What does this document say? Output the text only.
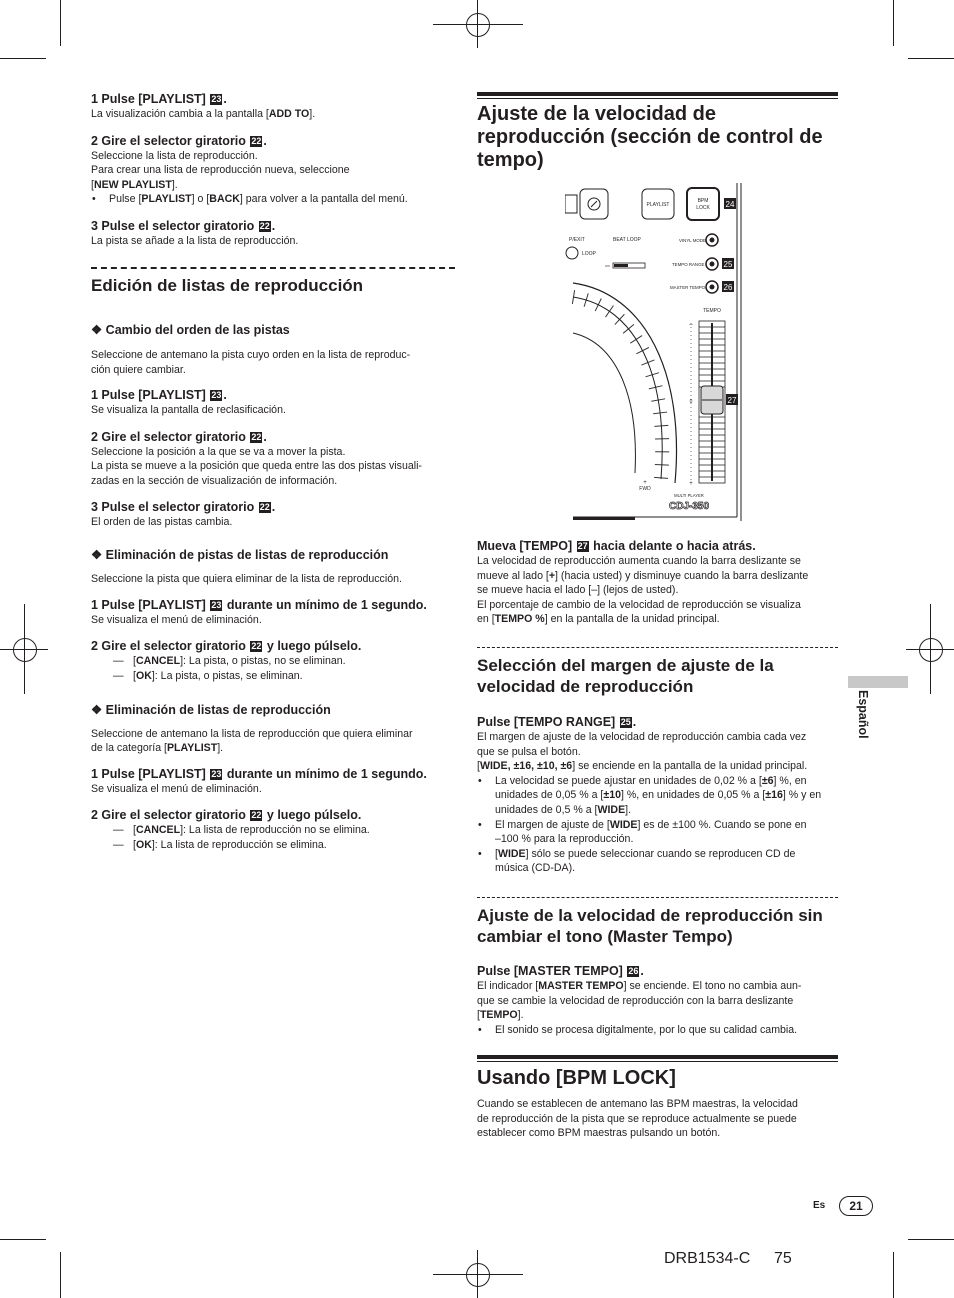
1 Pulse [PLAYLIST] 23 .

La visualización cambia a la pantalla [ADD TO].

2 Gire el selector giratorio 22 .

Seleccione la lista de reproducción.

Para crear una lista de reproducción nueva, seleccione

[NEW PLAYLIST].

• Pulse [PLAYLIST] o [BACK] para volver a la pantalla del menú.

3 Pulse el selector giratorio 22 .

La pista se añade a la lista de reproducción.

Edición de listas de reproducción

❖ Cambio del orden de las pistas

Seleccione de antemano la pista cuyo orden en la lista de reproduc-

ción quiere cambiar.

1 Pulse [PLAYLIST] 23 .

Se visualiza la pantalla de reclasificación.

2 Gire el selector giratorio 22 .

Seleccione la posición a la que se va a mover la pista.

La pista se mueve a la posición que queda entre las dos pistas visuali-

zadas en la sección de visualización de información.

3 Pulse el selector giratorio 22 .

El orden de las pistas cambia.

❖ Eliminación de pistas de listas de reproducción

Seleccione la pista que quiera eliminar de la lista de reproducción.

1 Pulse [PLAYLIST] 23 durante un mínimo de 1 segundo.

Se visualiza el menú de eliminación.

2 Gire el selector giratorio 22 y luego púlselo.

— [CANCEL]: La pista, o pistas, no se eliminan.

— [OK]: La pista, o pistas, se eliminan.

❖ Eliminación de listas de reproducción

Seleccione de antemano la lista de reproducción que quiera eliminar

de la categoría [PLAYLIST].

1 Pulse [PLAYLIST] 23 durante un mínimo de 1 segundo.

Se visualiza el menú de eliminación.

2 Gire el selector giratorio 22 y luego púlselo.

— [CANCEL]: La lista de reproducción no se elimina.

— [OK]: La lista de reproducción se elimina.

Ajuste de la velocidad de reproducción (sección de control de tempo)

PLAYLIST
BPM
LOCK 24
P/EXIT	BEAT LOOP
LOOP
VINYL MODE
TEMPO RANGE 25
MASTER TEMPO 26
FWD
+
TEMPO
–
0
+
27
MULTI PLAYER
CDJ-350

Mueva [TEMPO] 27 hacia delante o hacia atrás.

La velocidad de reproducción aumenta cuando la barra deslizante se

mueve al lado [+] (hacia usted) y disminuye cuando la barra deslizante

se mueve hacia el lado [–] (lejos de usted).

El porcentaje de cambio de la velocidad de reproducción se visualiza

en [TEMPO %] en la pantalla de la unidad principal.

Selección del margen de ajuste de la velocidad de reproducción

Pulse [TEMPO RANGE] 25 .

El margen de ajuste de la velocidad de reproducción cambia cada vez

que se pulsa el botón.

[WIDE, ±16, ±10, ±6] se enciende en la pantalla de la unidad principal.

• La velocidad se puede ajustar en unidades de 0,02 % a [±6] %, en
unidades de 0,05 % a [±10] %, en unidades de 0,05 % a [±16] % y en
unidades de 0,5 % a [WIDE].

• El margen de ajuste de [WIDE] es de ±100 %. Cuando se pone en
–100 % para la reproducción.

• [WIDE] sólo se puede seleccionar cuando se reproducen CD de
música (CD-DA).

Ajuste de la velocidad de reproducción sin cambiar el tono (Master Tempo)

Pulse [MASTER TEMPO] 26 .

El indicador [MASTER TEMPO] se enciende. El tono no cambia aun-

que se cambie la velocidad de reproducción con la barra deslizante

[TEMPO].

• El sonido se procesa digitalmente, por lo que su calidad cambia.

Usando [BPM LOCK]

Cuando se establecen de antemano las BPM maestras, la velocidad

de reproducción de la pista que se reproduce actualmente se puede

establecer como BPM maestras pulsando un botón.

Español
Es	21
DRB1534-C 75
